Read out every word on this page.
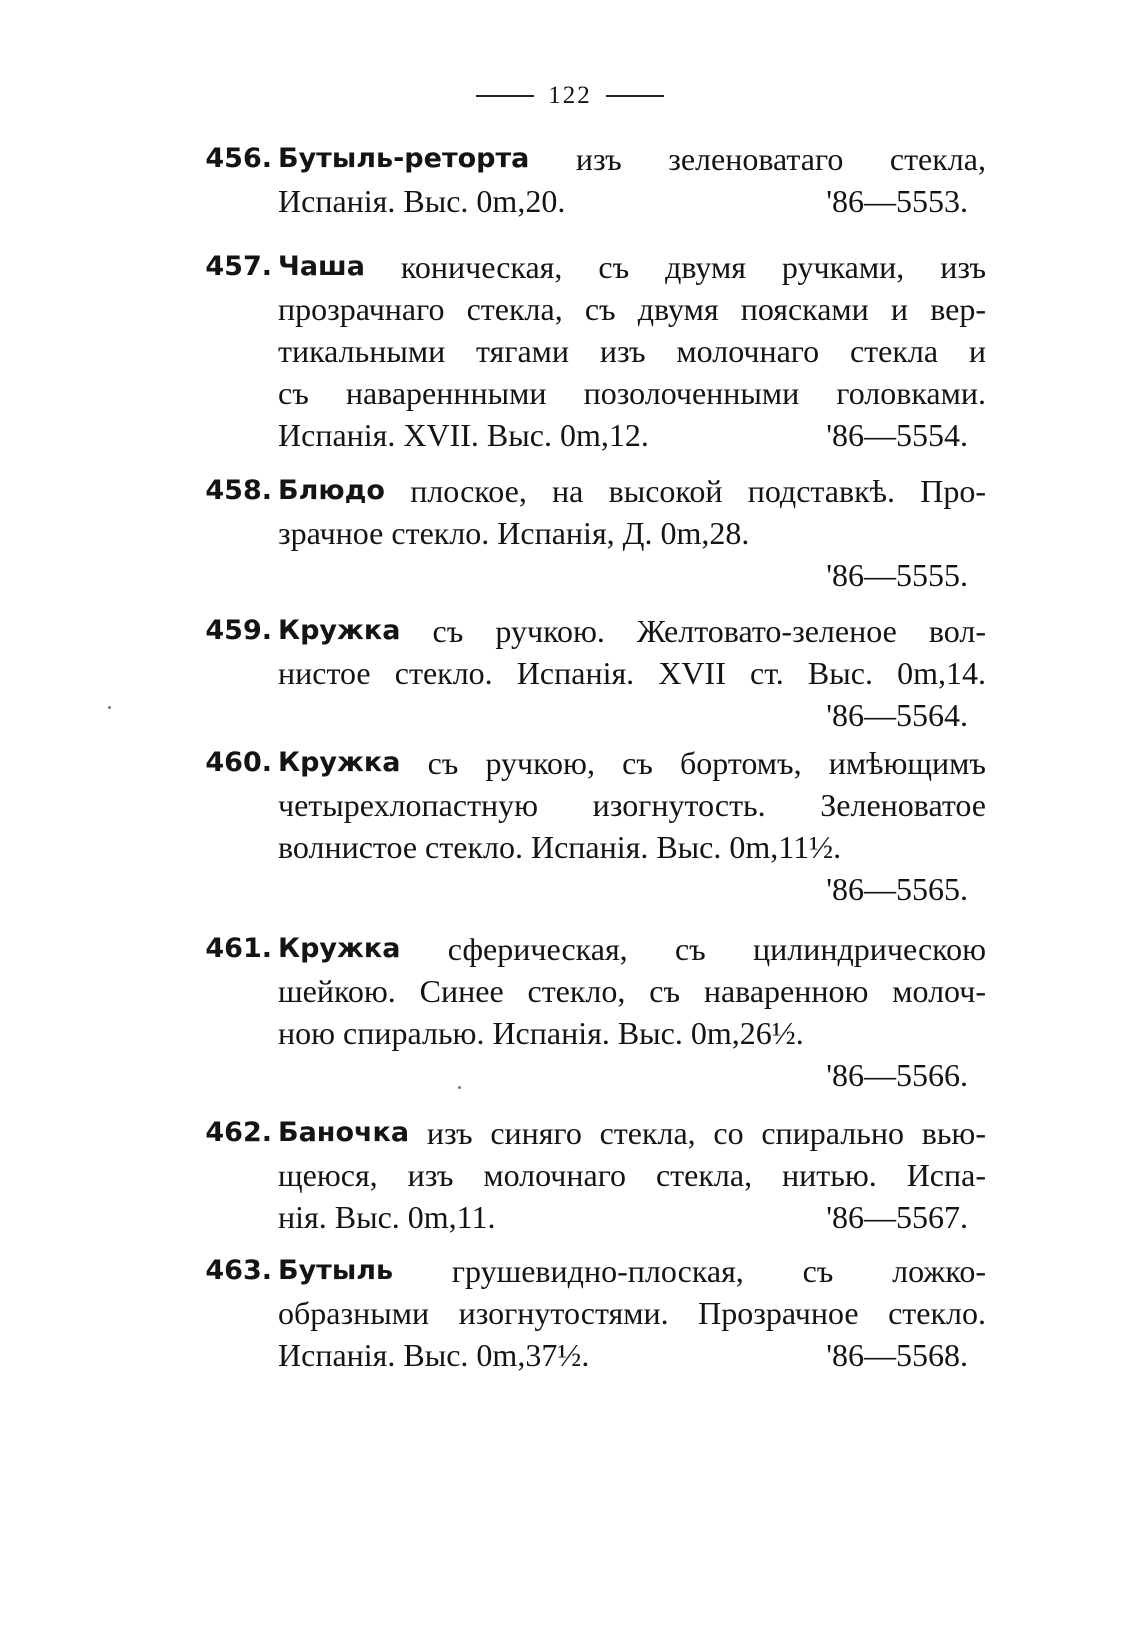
122
456. Бутыль-реторта изъ зеленоватаго стекла,
Испанія. Выс. 0m,20.	'86—5553.
457. Чаша коническая, съ двумя ручками, изъ
прозрачнаго стекла, съ двумя поясками и вер-
тикальными тягами изъ молочнаго стекла и
съ навареннными позолоченными головками.
Испанія. XVII. Выс. 0m,12.	'86—5554.
458. Блюдо плоское, на высокой подставкѣ. Про-
зрачное стекло. Испанія, Д. 0m,28.
'86—5555.
459. Кружка съ ручкою. Желтовато-зеленое вол-
нистое стекло. Испанія. XVII ст. Выс. 0m,14.
'86—5564.
460. Кружка съ ручкою, съ бортомъ, имѣющимъ
четырехлопастную изогнутость. Зеленоватое
волнистое стекло. Испанія. Выс. 0m,11½.
'86—5565.
461. Кружка сферическая, съ цилиндрическою
шейкою. Синее стекло, съ наваренною молоч-
ною спиралью. Испанія. Выс. 0m,26½.
'86—5566.
462. Баночка изъ синяго стекла, со спирально вью-
щеюся, изъ молочнаго стекла, нитью. Испа-
нія. Выс. 0m,11.	'86—5567.
463. Бутыль грушевидно-плоская, съ ложко-
образными изогнутостями. Прозрачное стекло.
Испанія. Выс. 0m,37½.	'86—5568.
